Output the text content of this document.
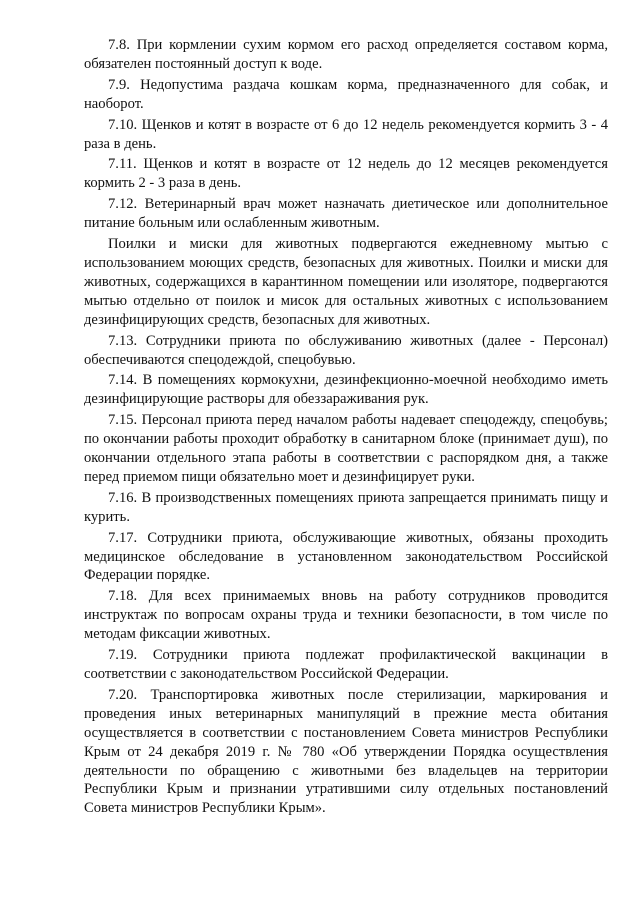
7.8. При кормлении сухим кормом его расход определяется составом корма, обязателен постоянный доступ к воде.

7.9. Недопустима раздача кошкам корма, предназначенного для собак, и наоборот.

7.10. Щенков и котят в возрасте от 6 до 12 недель рекомендуется кормить 3 - 4 раза в день.

7.11. Щенков и котят в возрасте от 12 недель до 12 месяцев рекомендуется кормить 2 - 3 раза в день.

7.12. Ветеринарный врач может назначать диетическое или дополнительное питание больным или ослабленным животным.

Поилки и миски для животных подвергаются ежедневному мытью с использованием моющих средств, безопасных для животных. Поилки и миски для животных, содержащихся в карантинном помещении или изоляторе, подвергаются мытью отдельно от поилок и мисок для остальных животных с использованием дезинфицирующих средств, безопасных для животных.

7.13. Сотрудники приюта по обслуживанию животных (далее - Персонал) обеспечиваются спецодеждой, спецобувью.

7.14. В помещениях кормокухни, дезинфекционно-моечной необходимо иметь дезинфицирующие растворы для обеззараживания рук.

7.15. Персонал приюта перед началом работы надевает спецодежду, спецобувь; по окончании работы проходит обработку в санитарном блоке (принимает душ), по окончании отдельного этапа работы в соответствии с распорядком дня, а также перед приемом пищи обязательно моет и дезинфицирует руки.

7.16. В производственных помещениях приюта запрещается принимать пищу и курить.

7.17. Сотрудники приюта, обслуживающие животных, обязаны проходить медицинское обследование в установленном законодательством Российской Федерации порядке.

7.18. Для всех принимаемых вновь на работу сотрудников проводится инструктаж по вопросам охраны труда и техники безопасности, в том числе по методам фиксации животных.

7.19. Сотрудники приюта подлежат профилактической вакцинации в соответствии с законодательством Российской Федерации.

7.20. Транспортировка животных после стерилизации, маркирования и проведения иных ветеринарных манипуляций в прежние места обитания осуществляется в соответствии с постановлением Совета министров Республики Крым от 24 декабря 2019 г. № 780 «Об утверждении Порядка осуществления деятельности по обращению с животными без владельцев на территории Республики Крым и признании утратившими силу отдельных постановлений Совета министров Республики Крым».
